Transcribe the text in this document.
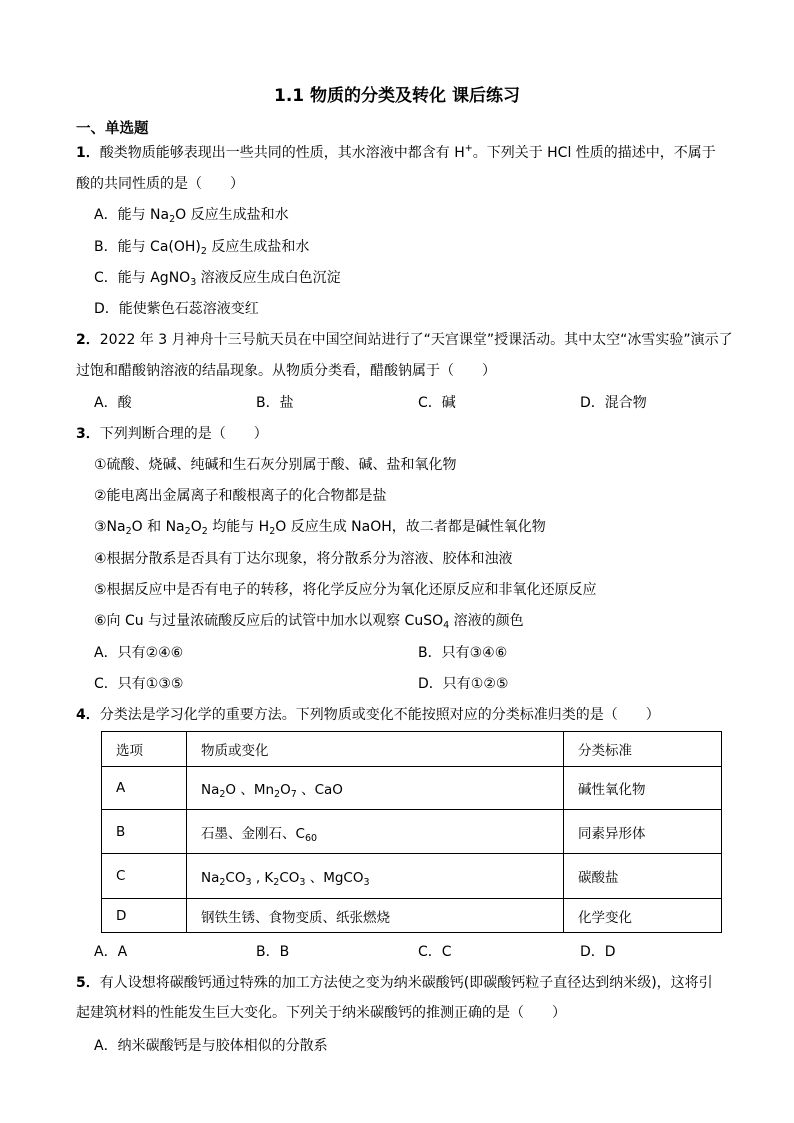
1.1 物质的分类及转化 课后练习
一、单选题
1．酸类物质能够表现出一些共同的性质，其水溶液中都含有 H+。下列关于 HCl 性质的描述中，不属于
酸的共同性质的是（　　）
A．能与 $Na_2O$ 反应生成盐和水
B．能与 $Ca(OH)_2$ 反应生成盐和水
C．能与 AgNO$_3$ 溶液反应生成白色沉淀
D．能使紫色石蕊溶液变红
2．2022 年 3 月神舟十三号航天员在中国空间站进行了“天宫课堂”授课活动。其中太空“冰雪实验”演示了
过饱和醋酸钠溶液的结晶现象。从物质分类看，醋酸钠属于（　　）
A．酸	B．盐	C．碱	D．混合物
3．下列判断合理的是（　　）
①硫酸、烧碱、纯碱和生石灰分别属于酸、碱、盐和氧化物
②能电离出金属离子和酸根离子的化合物都是盐
$③Na_2O$ 和 $Na_2O_2$ 均能与 $H_2O$ 反应生成 NaOH，故二者都是碱性氧化物
④根据分散系是否具有丁达尔现象，将分散系分为溶液、胶体和浊液
⑤根据反应中是否有电子的转移，将化学反应分为氧化还原反应和非氧化还原反应
⑥向 Cu 与过量浓硫酸反应后的试管中加水以观察 CuSO$_4$ 溶液的颜色
A．只有②④⑥	B．只有③④⑥
C．只有①③⑤	D．只有①②⑤
4．分类法是学习化学的重要方法。下列物质或变化不能按照对应的分类标准归类的是（　　）
选项	物质或变化	分类标准
A	$Na_2O$ 、$Mn_2O_7$ 、CaO	碱性氧化物
B	石墨、金刚石、$C_{60}$	同素异形体
C	$Na_2CO_3$ , $K_2CO_3$ 、MgCO$_3$	碳酸盐
D	钢铁生锈、食物变质、纸张燃烧	化学变化
A．A	B．B	C．C	D．D
5．有人设想将碳酸钙通过特殊的加工方法使之变为纳米碳酸钙(即碳酸钙粒子直径达到纳米级)，这将引
起建筑材料的性能发生巨大变化。下列关于纳米碳酸钙的推测正确的是（　　）
A．纳米碳酸钙是与胶体相似的分散系
